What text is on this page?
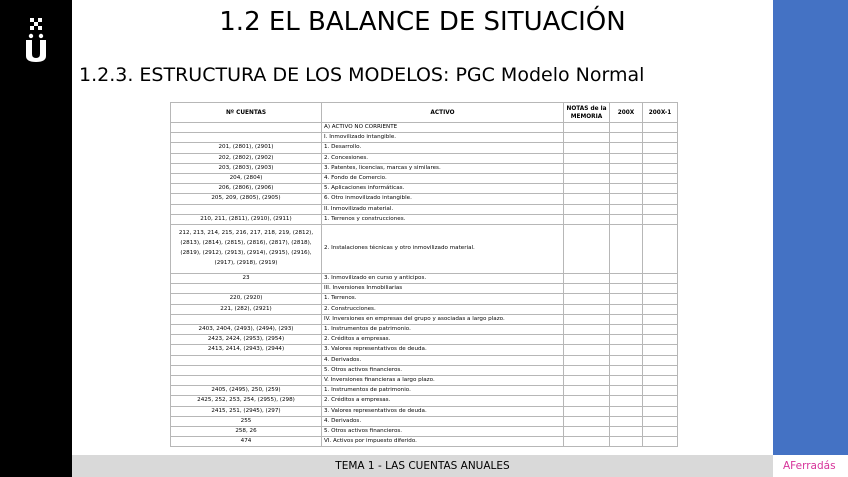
1.2 EL BALANCE DE SITUACIÓN
1.2.3. ESTRUCTURA DE LOS MODELOS: PGC Modelo Normal
Nº CUENTAS	ACTIVO	NOTAS de la MEMORIA	200X	200X-1
	A) ACTIVO NO CORRIENTE			
	I. Inmovilizado intangible.			
201, (2801), (2901)	1. Desarrollo.			
202, (2802), (2902)	2. Concesiones.			
203, (2803), (2903)	3. Patentes, licencias, marcas y similares.			
204, (2804)	4. Fondo de Comercio.			
206, (2806), (2906)	5. Aplicaciones informáticas.			
205, 209, (2805), (2905)	6. Otro inmovilizado intangible.			
	II. Inmovilizado material.			
210, 211, (2811), (2910), (2911)	1. Terrenos y construcciones.			
212, 213, 214, 215, 216, 217, 218, 219, (2812), (2813), (2814), (2815), (2816), (2817), (2818), (2819), (2912), (2913), (2914), (2915), (2916), (2917), (2918), (2919)	2. Instalaciones técnicas y otro inmovilizado material.			
23	3. Inmovilizado en curso y anticipos.			
	III. Inversiones Inmobiliarias			
220, (2920)	1. Terrenos.			
221, (282), (2921)	2. Construcciones.			
	IV. Inversiones en empresas del grupo y asociadas a largo plazo.			
2403, 2404, (2493), (2494), (293)	1. Instrumentos de patrimonio.			
2423, 2424, (2953), (2954)	2. Créditos a empresas.			
2413, 2414, (2943), (2944)	3. Valores representativos de deuda.			
	4. Derivados.			
	5. Otros activos financieros.			
	V. Inversiones financieras a largo plazo.			
2405, (2495), 250, (259)	1. Instrumentos de patrimonio.			
2425, 252, 253, 254, (2955), (298)	2. Créditos a empresas.			
2415, 251, (2945), (297)	3. Valores representativos de deuda.			
255	4. Derivados.			
258, 26	5. Otros activos financieros.			
474	VI. Activos por impuesto diferido.			
TEMA 1 - LAS CUENTAS ANUALES	AFerradás
